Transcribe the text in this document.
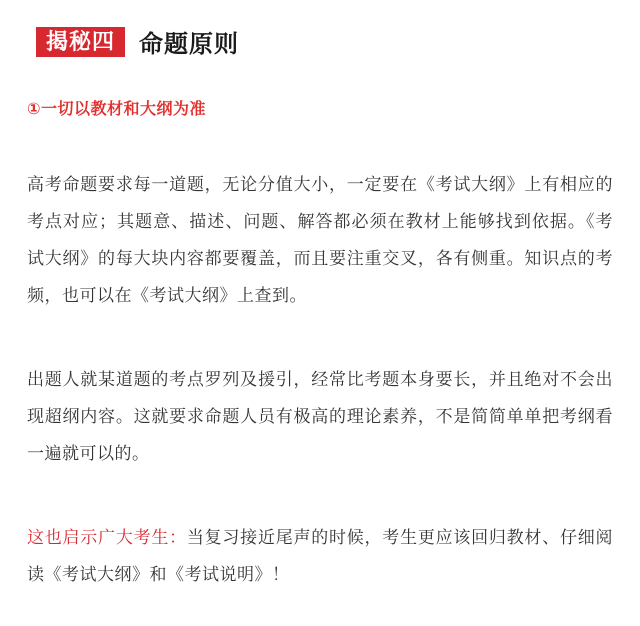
揭秘四	命题原则
①一切以教材和大纲为准
高考命题要求每一道题，无论分值大小，一定要在《考试大纲》上有相应的考点对应；其题意、描述、问题、解答都必须在教材上能够找到依据。《考试大纲》的每大块内容都要覆盖，而且要注重交叉，各有侧重。知识点的考频，也可以在《考试大纲》上查到。
出题人就某道题的考点罗列及援引，经常比考题本身要长，并且绝对不会出现超纲内容。这就要求命题人员有极高的理论素养，不是简简单单把考纲看一遍就可以的。
这也启示广大考生：当复习接近尾声的时候，考生更应该回归教材、仔细阅读《考试大纲》和《考试说明》！
